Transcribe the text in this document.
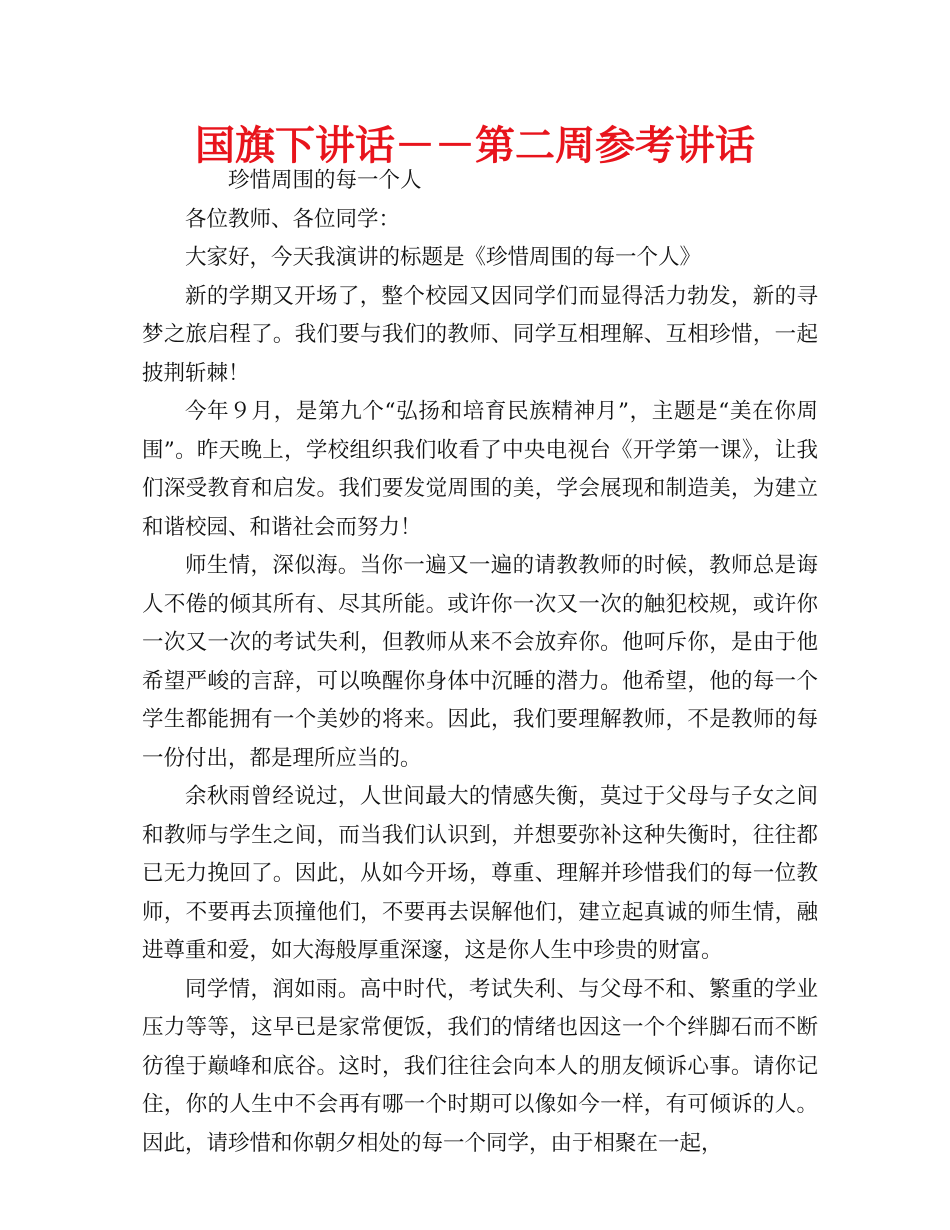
国旗下讲话－－第二周参考讲话

珍惜周围的每一个人

各位教师、各位同学：

大家好，今天我演讲的标题是《珍惜周围的每一个人》

新的学期又开场了，整个校园又因同学们而显得活力勃发，新的寻梦之旅启程了。我们要与我们的教师、同学互相理解、互相珍惜，一起披荆斩棘！

今年９月，是第九个“弘扬和培育民族精神月”，主题是“美在你周围”。昨天晚上，学校组织我们收看了中央电视台《开学第一课》，让我们深受教育和启发。我们要发觉周围的美，学会展现和制造美，为建立和谐校园、和谐社会而努力！

师生情，深似海。当你一遍又一遍的请教教师的时候，教师总是诲人不倦的倾其所有、尽其所能。或许你一次又一次的触犯校规，或许你一次又一次的考试失利，但教师从来不会放弃你。他呵斥你，是由于他希望严峻的言辞，可以唤醒你身体中沉睡的潜力。他希望，他的每一个学生都能拥有一个美妙的将来。因此，我们要理解教师，不是教师的每一份付出，都是理所应当的。

余秋雨曾经说过，人世间最大的情感失衡，莫过于父母与子女之间和教师与学生之间，而当我们认识到，并想要弥补这种失衡时，往往都已无力挽回了。因此，从如今开场，尊重、理解并珍惜我们的每一位教师，不要再去顶撞他们，不要再去误解他们，建立起真诚的师生情，融进尊重和爱，如大海般厚重深邃，这是你人生中珍贵的财富。

同学情，润如雨。高中时代，考试失利、与父母不和、繁重的学业压力等等，这早已是家常便饭，我们的情绪也因这一个个绊脚石而不断彷徨于巅峰和底谷。这时，我们往往会向本人的朋友倾诉心事。请你记住，你的人生中不会再有哪一个时期可以像如今一样，有可倾诉的人。因此，请珍惜和你朝夕相处的每一个同学，由于相聚在一起，
